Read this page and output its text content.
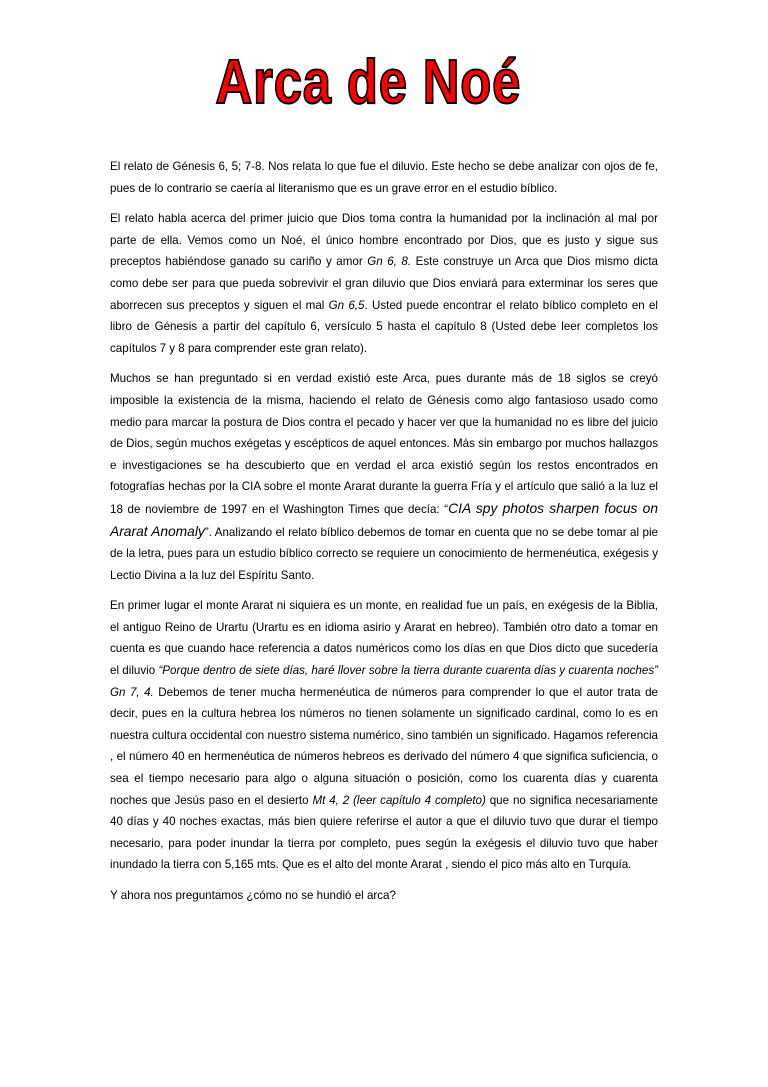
Arca de Noé

El relato de Génesis 6, 5; 7-8. Nos relata lo que fue el diluvio. Este hecho se debe analizar con ojos de fe, pues de lo contrario se caería al literanismo que es un grave error en el estudio bíblico.

El relato habla acerca del primer juicio que Dios toma contra la humanidad por la inclinación al mal por parte de ella. Vemos como un Noé, el único hombre encontrado por Dios, que es justo y sigue sus preceptos habiéndose ganado su cariño y amor Gn 6, 8. Este construye un Arca que Dios mismo dicta como debe ser para que pueda sobrevivir el gran diluvio que Dios enviará para exterminar los seres que aborrecen sus preceptos y siguen el mal Gn 6,5. Usted puede encontrar el relato bíblico completo en el libro de Génesis a partir del capítulo 6, versículo 5 hasta el capítulo 8 (Usted debe leer completos los capítulos 7 y 8 para comprender este gran relato).

Muchos se han preguntado si en verdad existió este Arca, pues durante más de 18 siglos se creyó imposible la existencia de la misma, haciendo el relato de Génesis como algo fantasioso usado como medio para marcar la postura de Dios contra el pecado y hacer ver que la humanidad no es libre del juicio de Dios, según muchos exégetas y escépticos de aquel entonces. Más sin embargo por muchos hallazgos e investigaciones se ha descubierto que en verdad el arca existió según los restos encontrados en fotografías hechas por la CIA sobre el monte Ararat durante la guerra Fría y el artículo que salió a la luz el 18 de noviembre de 1997 en el Washington Times que decía: “CIA spy photos sharpen focus on Ararat Anomaly”. Analizando el relato bíblico debemos de tomar en cuenta que no se debe tomar al pie de la letra, pues para un estudio bíblico correcto se requiere un conocimiento de hermenéutica, exégesis y Lectio Divina a la luz del Espíritu Santo.

En primer lugar el monte Ararat ni siquiera es un monte, en realidad fue un país, en exégesis de la Biblia, el antiguo Reino de Urartu (Urartu es en idioma asirio y Ararat en hebreo). También otro dato a tomar en cuenta es que cuando hace referencia a datos numéricos como los días en que Dios dicto que sucedería el diluvio “Porque dentro de siete días, haré llover sobre la tierra durante cuarenta días y cuarenta noches” Gn 7, 4. Debemos de tener mucha hermenéutica de números para comprender lo que el autor trata de decir, pues en la cultura hebrea los números no tienen solamente un significado cardinal, como lo es en nuestra cultura occidental con nuestro sistema numérico, sino también un significado. Hagamos referencia , el número 40 en hermenéutica de números hebreos es derivado del número 4 que significa suficiencia, o sea el tiempo necesario para algo o alguna situación o posición, como los cuarenta días y cuarenta noches que Jesús paso en el desierto Mt 4, 2 (leer capítulo 4 completo) que no significa necesariamente 40 días y 40 noches exactas, más bien quiere referirse el autor a que el diluvio tuvo que durar el tiempo necesario, para poder inundar la tierra por completo, pues según la exégesis el diluvio tuvo que haber inundado la tierra con 5,165 mts. Que es el alto del monte Ararat , siendo el pico más alto en Turquía.

Y ahora nos preguntamos ¿cómo no se hundió el arca?
